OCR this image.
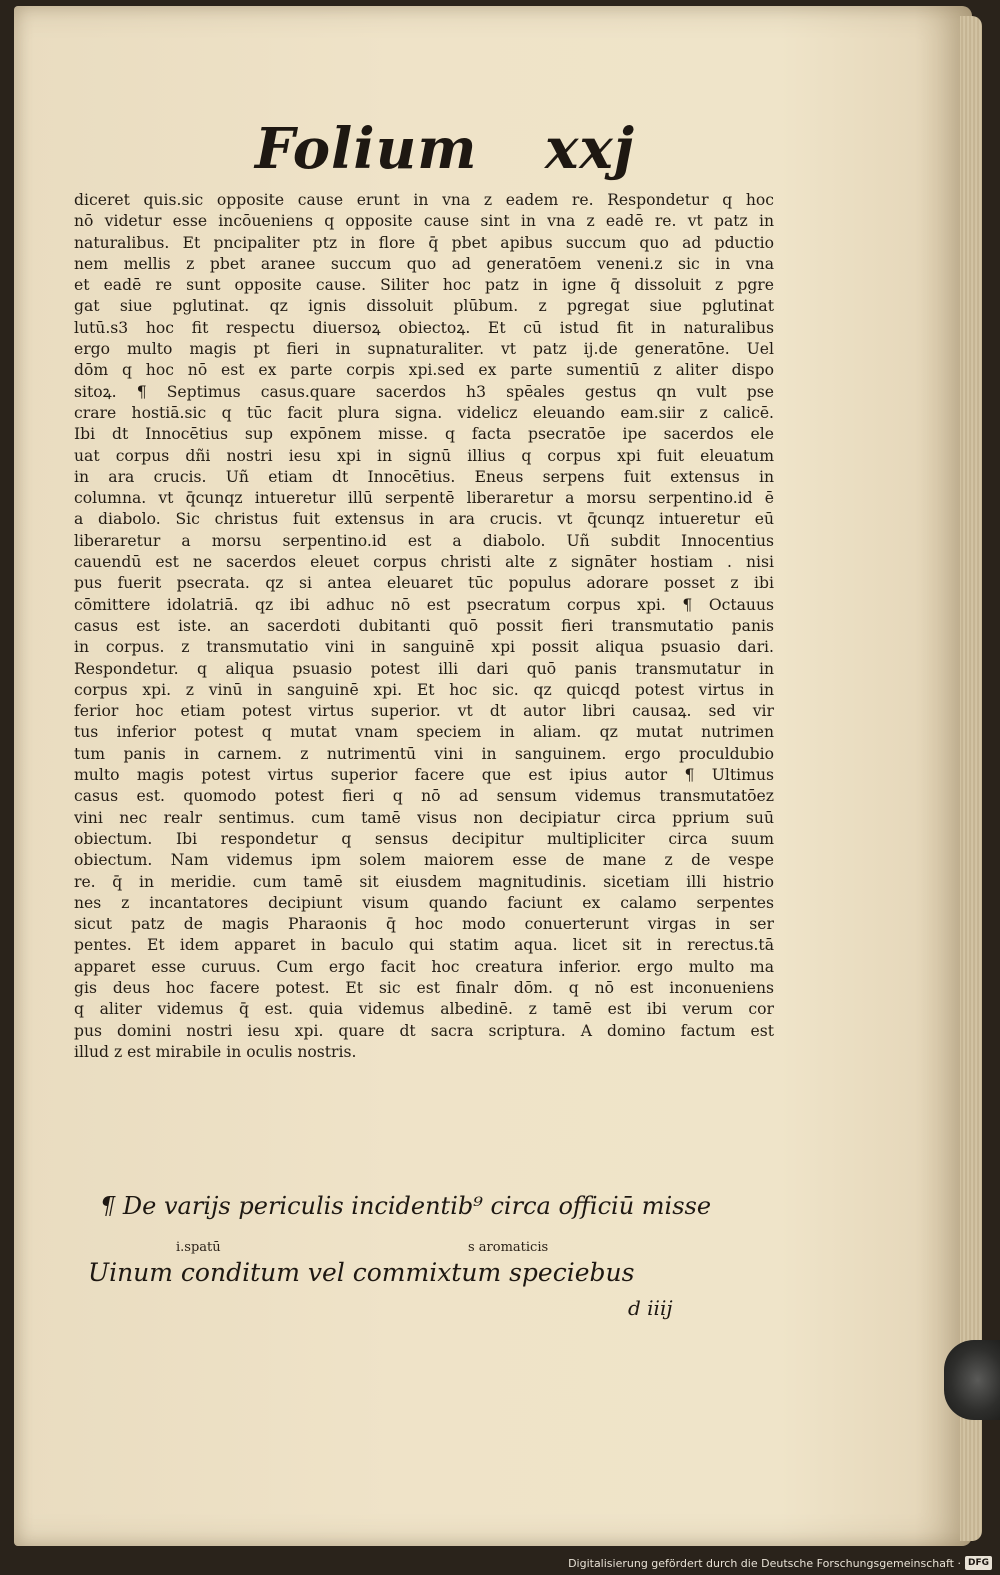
Folium xxj
diceret quis.sic opposite cause erunt in vna z eadem re. Respondetur q hoc
nō videtur esse incōueniens q opposite cause sint in vna z eadē re. vt patz in
naturalibus. Et pncipaliter ptz in flore q̄ pbet apibus succum quo ad pductio
nem mellis z pbet aranee succum quo ad generatōem veneni.z sic in vna
et eadē re sunt opposite cause. Siliter hoc patz in igne q̄ dissoluit z pgre
gat siue pglutinat. qz ignis dissoluit plūbum. z pgregat siue pglutinat
lutū.s3 hoc fit respectu diuersoꝝ obiectoꝝ. Et cū istud fit in naturalibus
ergo multo magis pt fieri in supnaturaliter. vt patz ij.de generatōne. Uel
dōm q hoc nō est ex parte corpis xpi.sed ex parte sumentiū z aliter dispo
sitoꝝ. ¶ Septimus casus.quare sacerdos h3 spēales gestus qn vult pse
crare hostiā.sic q tūc facit plura signa. videlicz eleuando eam.siir z calicē.
Ibi dt Innocētius sup expōnem misse. q facta psecratōe ipe sacerdos ele
uat corpus dñi nostri iesu xpi in signū illius q corpus xpi fuit eleuatum
in ara crucis. Uñ etiam dt Innocētius. Eneus serpens fuit extensus in
columna. vt q̄cunqz intueretur illū serpentē liberaretur a morsu serpentino.id ē
a diabolo. Sic christus fuit extensus in ara crucis. vt q̄cunqz intueretur eū
liberaretur a morsu serpentino.id est a diabolo. Uñ subdit Innocentius
cauendū est ne sacerdos eleuet corpus christi alte z signāter hostiam . nisi
pus fuerit psecrata. qz si antea eleuaret tūc populus adorare posset z ibi
cōmittere idolatriā. qz ibi adhuc nō est psecratum corpus xpi. ¶ Octauus
casus est iste. an sacerdoti dubitanti quō possit fieri transmutatio panis
in corpus. z transmutatio vini in sanguinē xpi possit aliqua psuasio dari.
Respondetur. q aliqua psuasio potest illi dari quō panis transmutatur in
corpus xpi. z vinū in sanguinē xpi. Et hoc sic. qz quicqd potest virtus in
ferior hoc etiam potest virtus superior. vt dt autor libri causaꝝ. sed vir
tus inferior potest q mutat vnam speciem in aliam. qz mutat nutrimen
tum panis in carnem. z nutrimentū vini in sanguinem. ergo proculdubio
multo magis potest virtus superior facere que est ipius autor ¶ Ultimus
casus est. quomodo potest fieri q nō ad sensum videmus transmutatōez
vini nec realr sentimus. cum tamē visus non decipiatur circa pprium suū
obiectum. Ibi respondetur q sensus decipitur multipliciter circa suum
obiectum. Nam videmus ipm solem maiorem esse de mane z de vespe
re. q̄ in meridie. cum tamē sit eiusdem magnitudinis. sicetiam illi histrio
nes z incantatores decipiunt visum quando faciunt ex calamo serpentes
sicut patz de magis Pharaonis q̄ hoc modo conuerterunt virgas in ser
pentes. Et idem apparet in baculo qui statim aqua. licet sit in rerectus.tā
apparet esse curuus. Cum ergo facit hoc creatura inferior. ergo multo ma
gis deus hoc facere potest. Et sic est finalr dōm. q nō est inconueniens
q aliter videmus q̄ est. quia videmus albedinē. z tamē est ibi verum cor
pus domini nostri iesu xpi. quare dt sacra scriptura. A domino factum est
illud z est mirabile in oculis nostris.
¶ De varijs periculis incidentib⁹ circa officiū misse
i.spatū	s aromaticis
Uinum conditum vel commixtum speciebus
d iiij
Digitalisierung gefördert durch die Deutsche Forschungsgemeinschaft · DFG
